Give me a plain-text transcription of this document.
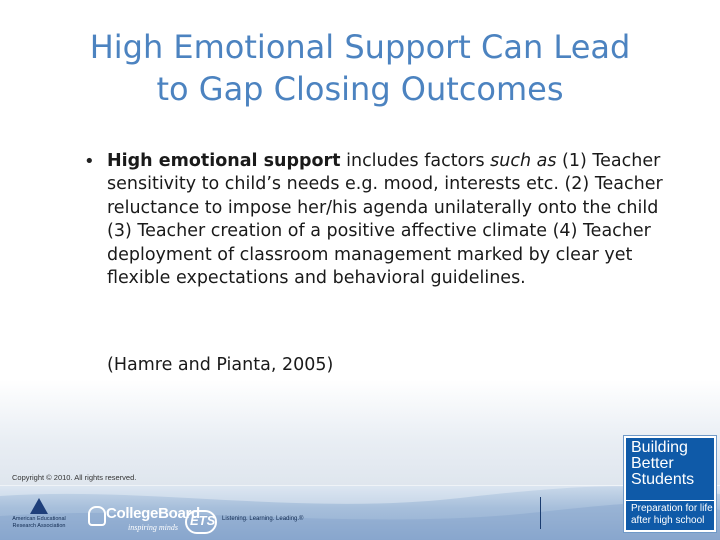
High Emotional Support Can Lead
to Gap Closing Outcomes
• High emotional support includes factors such as (1) Teacher sensitivity to child’s needs e.g. mood, interests etc. (2) Teacher reluctance to impose her/his agenda unilaterally onto the child (3) Teacher creation of a positive affective climate (4) Teacher deployment of classroom management marked by clear yet flexible expectations and behavioral guidelines.
(Hamre and Pianta, 2005)
Copyright © 2010. All rights reserved.
American Educational
Research Association
CollegeBoard
inspiring minds ETS Listening. Learning. Leading.®
Building
Better
Students
Preparation for life
after high school
